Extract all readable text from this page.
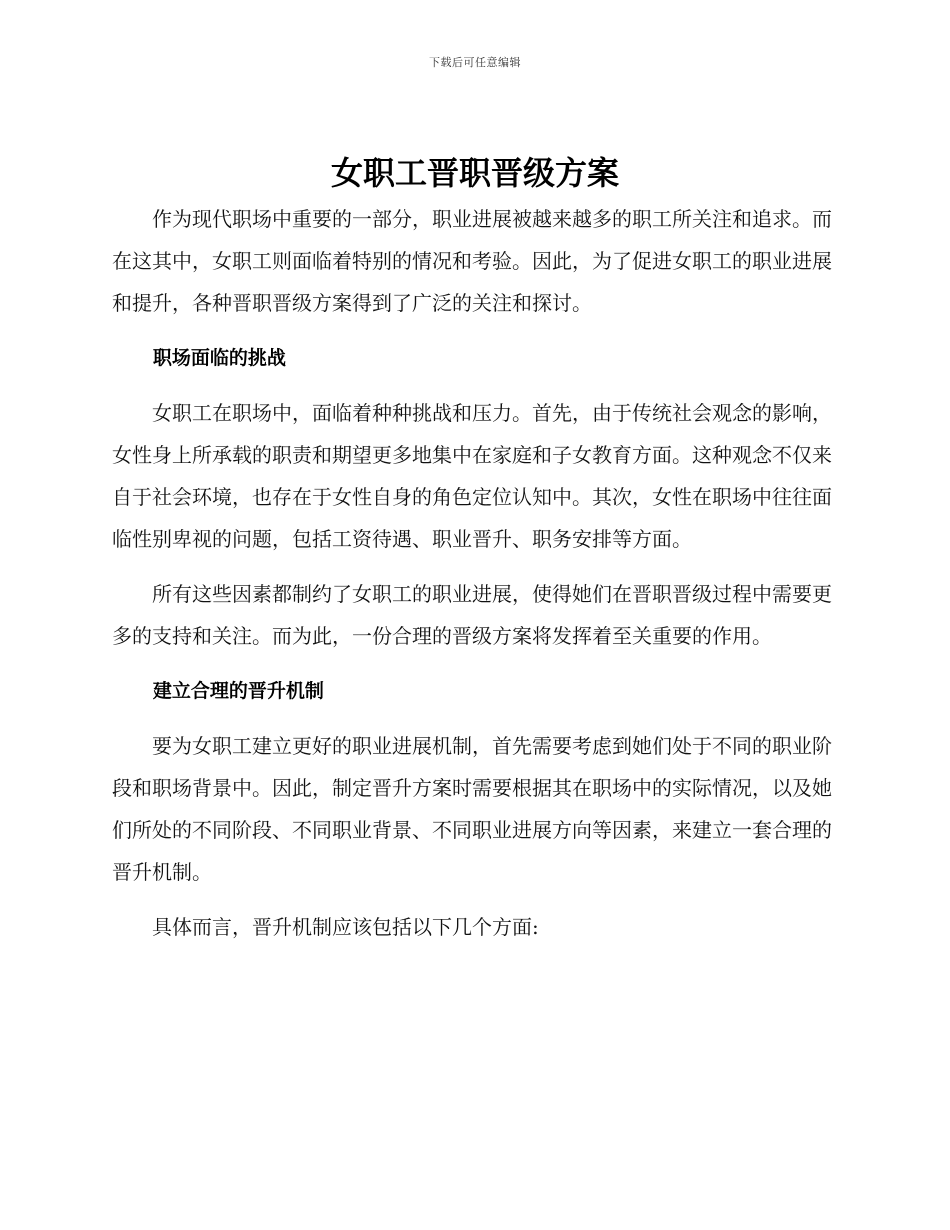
下载后可任意编辑
女职工晋职晋级方案

作为现代职场中重要的一部分，职业进展被越来越多的职工所关注和追求。而在这其中，女职工则面临着特别的情况和考验。因此，为了促进女职工的职业进展和提升，各种晋职晋级方案得到了广泛的关注和探讨。

职场面临的挑战

女职工在职场中，面临着种种挑战和压力。首先，由于传统社会观念的影响，女性身上所承载的职责和期望更多地集中在家庭和子女教育方面。这种观念不仅来自于社会环境，也存在于女性自身的角色定位认知中。其次，女性在职场中往往面临性别卑视的问题，包括工资待遇、职业晋升、职务安排等方面。

所有这些因素都制约了女职工的职业进展，使得她们在晋职晋级过程中需要更多的支持和关注。而为此，一份合理的晋级方案将发挥着至关重要的作用。

建立合理的晋升机制

要为女职工建立更好的职业进展机制，首先需要考虑到她们处于不同的职业阶段和职场背景中。因此，制定晋升方案时需要根据其在职场中的实际情况，以及她们所处的不同阶段、不同职业背景、不同职业进展方向等因素，来建立一套合理的晋升机制。

具体而言，晋升机制应该包括以下几个方面:
